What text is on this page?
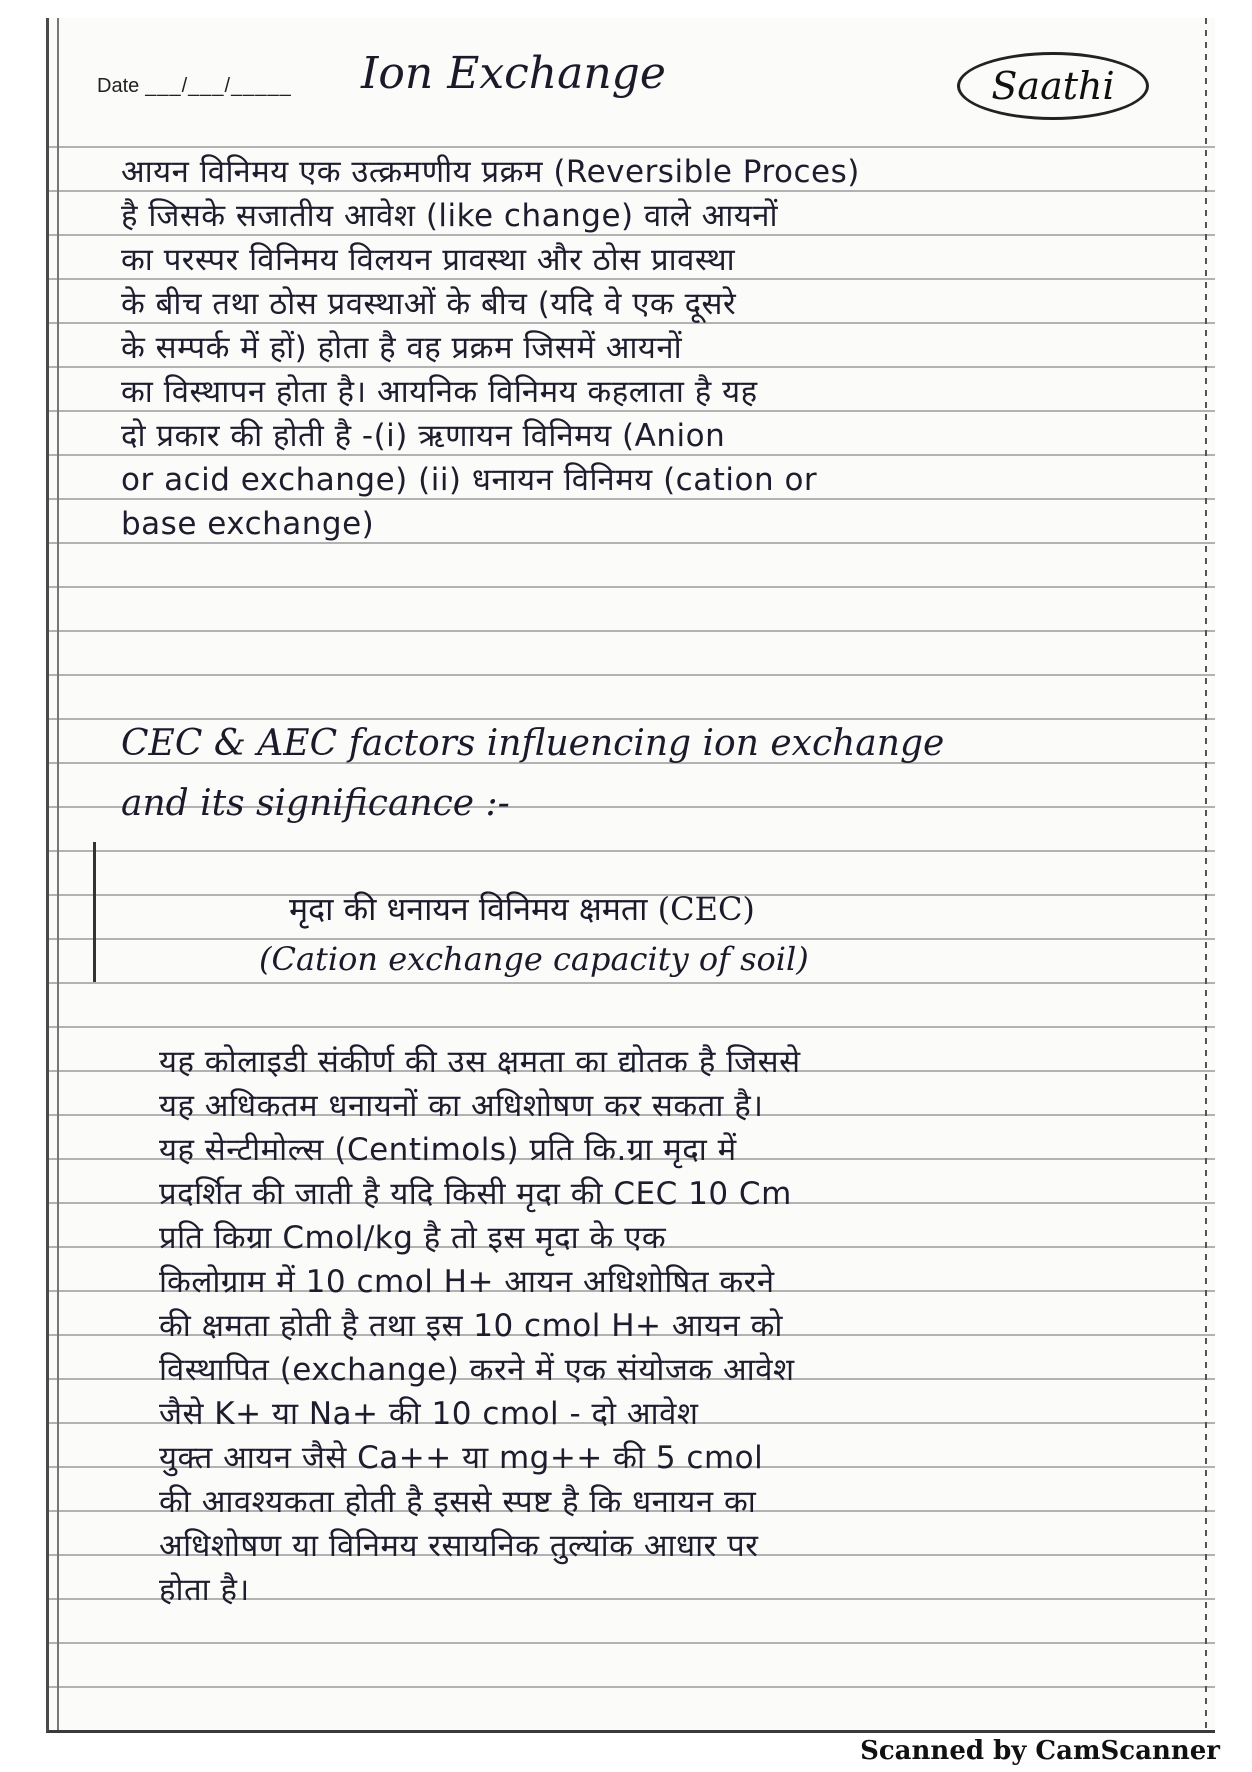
Date ___/___/_____ Ion Exchange	Saathi
आयन विनिमय एक उत्क्रमणीय प्रक्रम (Reversible Proces)
है जिसके सजातीय आवेश (like change) वाले आयनों
का परस्पर विनिमय विलयन प्रावस्था और ठोस प्रावस्था
के बीच तथा ठोस प्रवस्थाओं के बीच (यदि वे एक दूसरे
के सम्पर्क में हों) होता है वह प्रक्रम जिसमें आयनों
का विस्थापन होता है। आयनिक विनिमय कहलाता है यह
दो प्रकार की होती है -(i) ऋणायन विनिमय (Anion
or acid exchange) (ii) धनायन विनिमय (cation or
base exchange)
CEC & AEC factors influencing ion exchange
and its significance :-
मृदा की धनायन विनिमय क्षमता (CEC)
(Cation exchange capacity of soil)
यह कोलाइडी संकीर्ण की उस क्षमता का द्योतक है जिससे
यह अधिकतम धनायनों का अधिशोषण कर सकता है।
यह सेन्टीमोल्स (Centimols) प्रति कि.ग्रा मृदा में
प्रदर्शित की जाती है यदि किसी मृदा की CEC 10 Cm
प्रति किग्रा Cmol/kg है तो इस मृदा के एक
किलोग्राम में 10 cmol H+ आयन अधिशोषित करने
की क्षमता होती है तथा इस 10 cmol H+ आयन को
विस्थापित (exchange) करने में एक संयोजक आवेश
जैसे K+ या Na+ की 10 cmol - दो आवेश
युक्त आयन जैसे Ca++ या mg++ की 5 cmol
की आवश्यकता होती है इससे स्पष्ट है कि धनायन का
अधिशोषण या विनिमय रसायनिक तुल्यांक आधार पर
होता है।
Scanned by CamScanner
